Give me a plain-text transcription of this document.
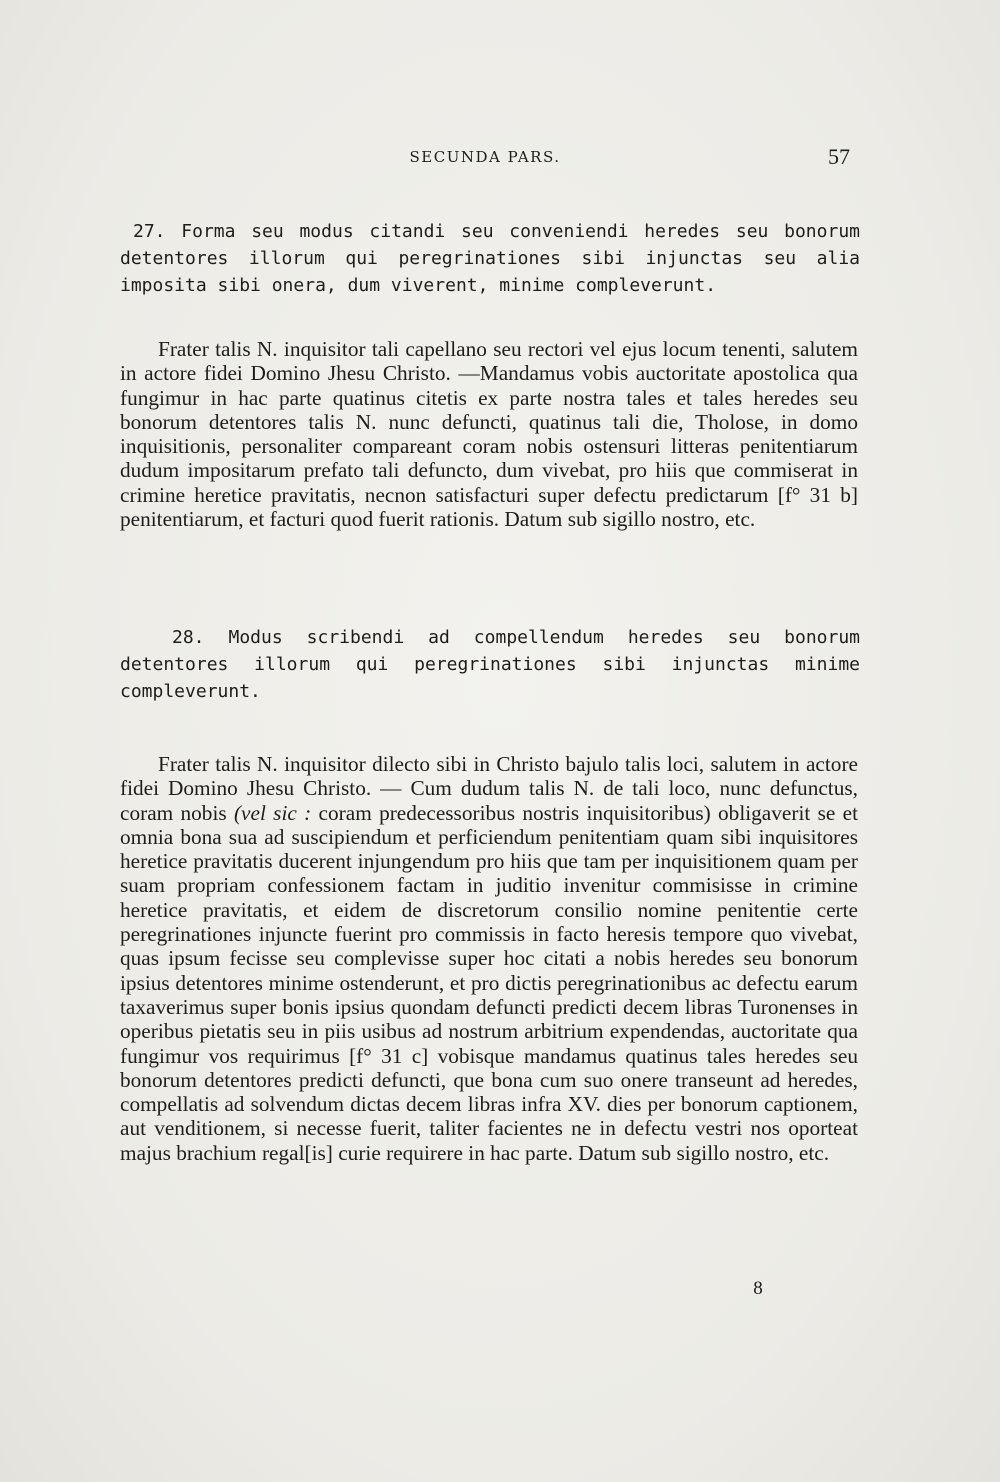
SECUNDA PARS.	57
27. Forma seu modus citandi seu conveniendi heredes seu bonorum detentores illorum qui peregrinationes sibi injunctas seu alia imposita sibi onera, dum viverent, minime compleverunt.

Frater talis N. inquisitor tali capellano seu rectori vel ejus locum tenenti, salutem in actore fidei Domino Jhesu Christo. —Mandamus vobis auctoritate apostolica qua fungimur in hac parte quatinus citetis ex parte nostra tales et tales heredes seu bonorum detentores talis N. nunc defuncti, quatinus tali die, Tholose, in domo inquisitionis, personaliter compareant coram nobis ostensuri litteras penitentiarum dudum impositarum prefato tali defuncto, dum vivebat, pro hiis que commiserat in crimine heretice pravitatis, necnon satisfacturi super defectu predictarum [f° 31 b] penitentiarum, et facturi quod fuerit rationis. Datum sub sigillo nostro, etc.

28. Modus scribendi ad compellendum heredes seu bonorum detentores illorum qui peregrinationes sibi injunctas minime compleverunt.

Frater talis N. inquisitor dilecto sibi in Christo bajulo talis loci, salutem in actore fidei Domino Jhesu Christo. — Cum dudum talis N. de tali loco, nunc defunctus, coram nobis (vel sic : coram predecessoribus nostris inquisitoribus) obligaverit se et omnia bona sua ad suscipiendum et perficiendum penitentiam quam sibi inquisitores heretice pravitatis ducerent injungendum pro hiis que tam per inquisitionem quam per suam propriam confessionem factam in juditio invenitur commisisse in crimine heretice pravitatis, et eidem de discretorum consilio nomine penitentie certe peregrinationes injuncte fuerint pro commissis in facto heresis tempore quo vivebat, quas ipsum fecisse seu complevisse super hoc citati a nobis heredes seu bonorum ipsius detentores minime ostenderunt, et pro dictis peregrinationibus ac defectu earum taxaverimus super bonis ipsius quondam defuncti predicti decem libras Turonenses in operibus pietatis seu in piis usibus ad nostrum arbitrium expendendas, auctoritate qua fungimur vos requirimus [f° 31 c] vobisque mandamus quatinus tales heredes seu bonorum detentores predicti defuncti, que bona cum suo onere transeunt ad heredes, compellatis ad solvendum dictas decem libras infra XV. dies per bonorum captionem, aut venditionem, si necesse fuerit, taliter facientes ne in defectu vestri nos oporteat majus brachium regal[is] curie requirere in hac parte. Datum sub sigillo nostro, etc.

8
